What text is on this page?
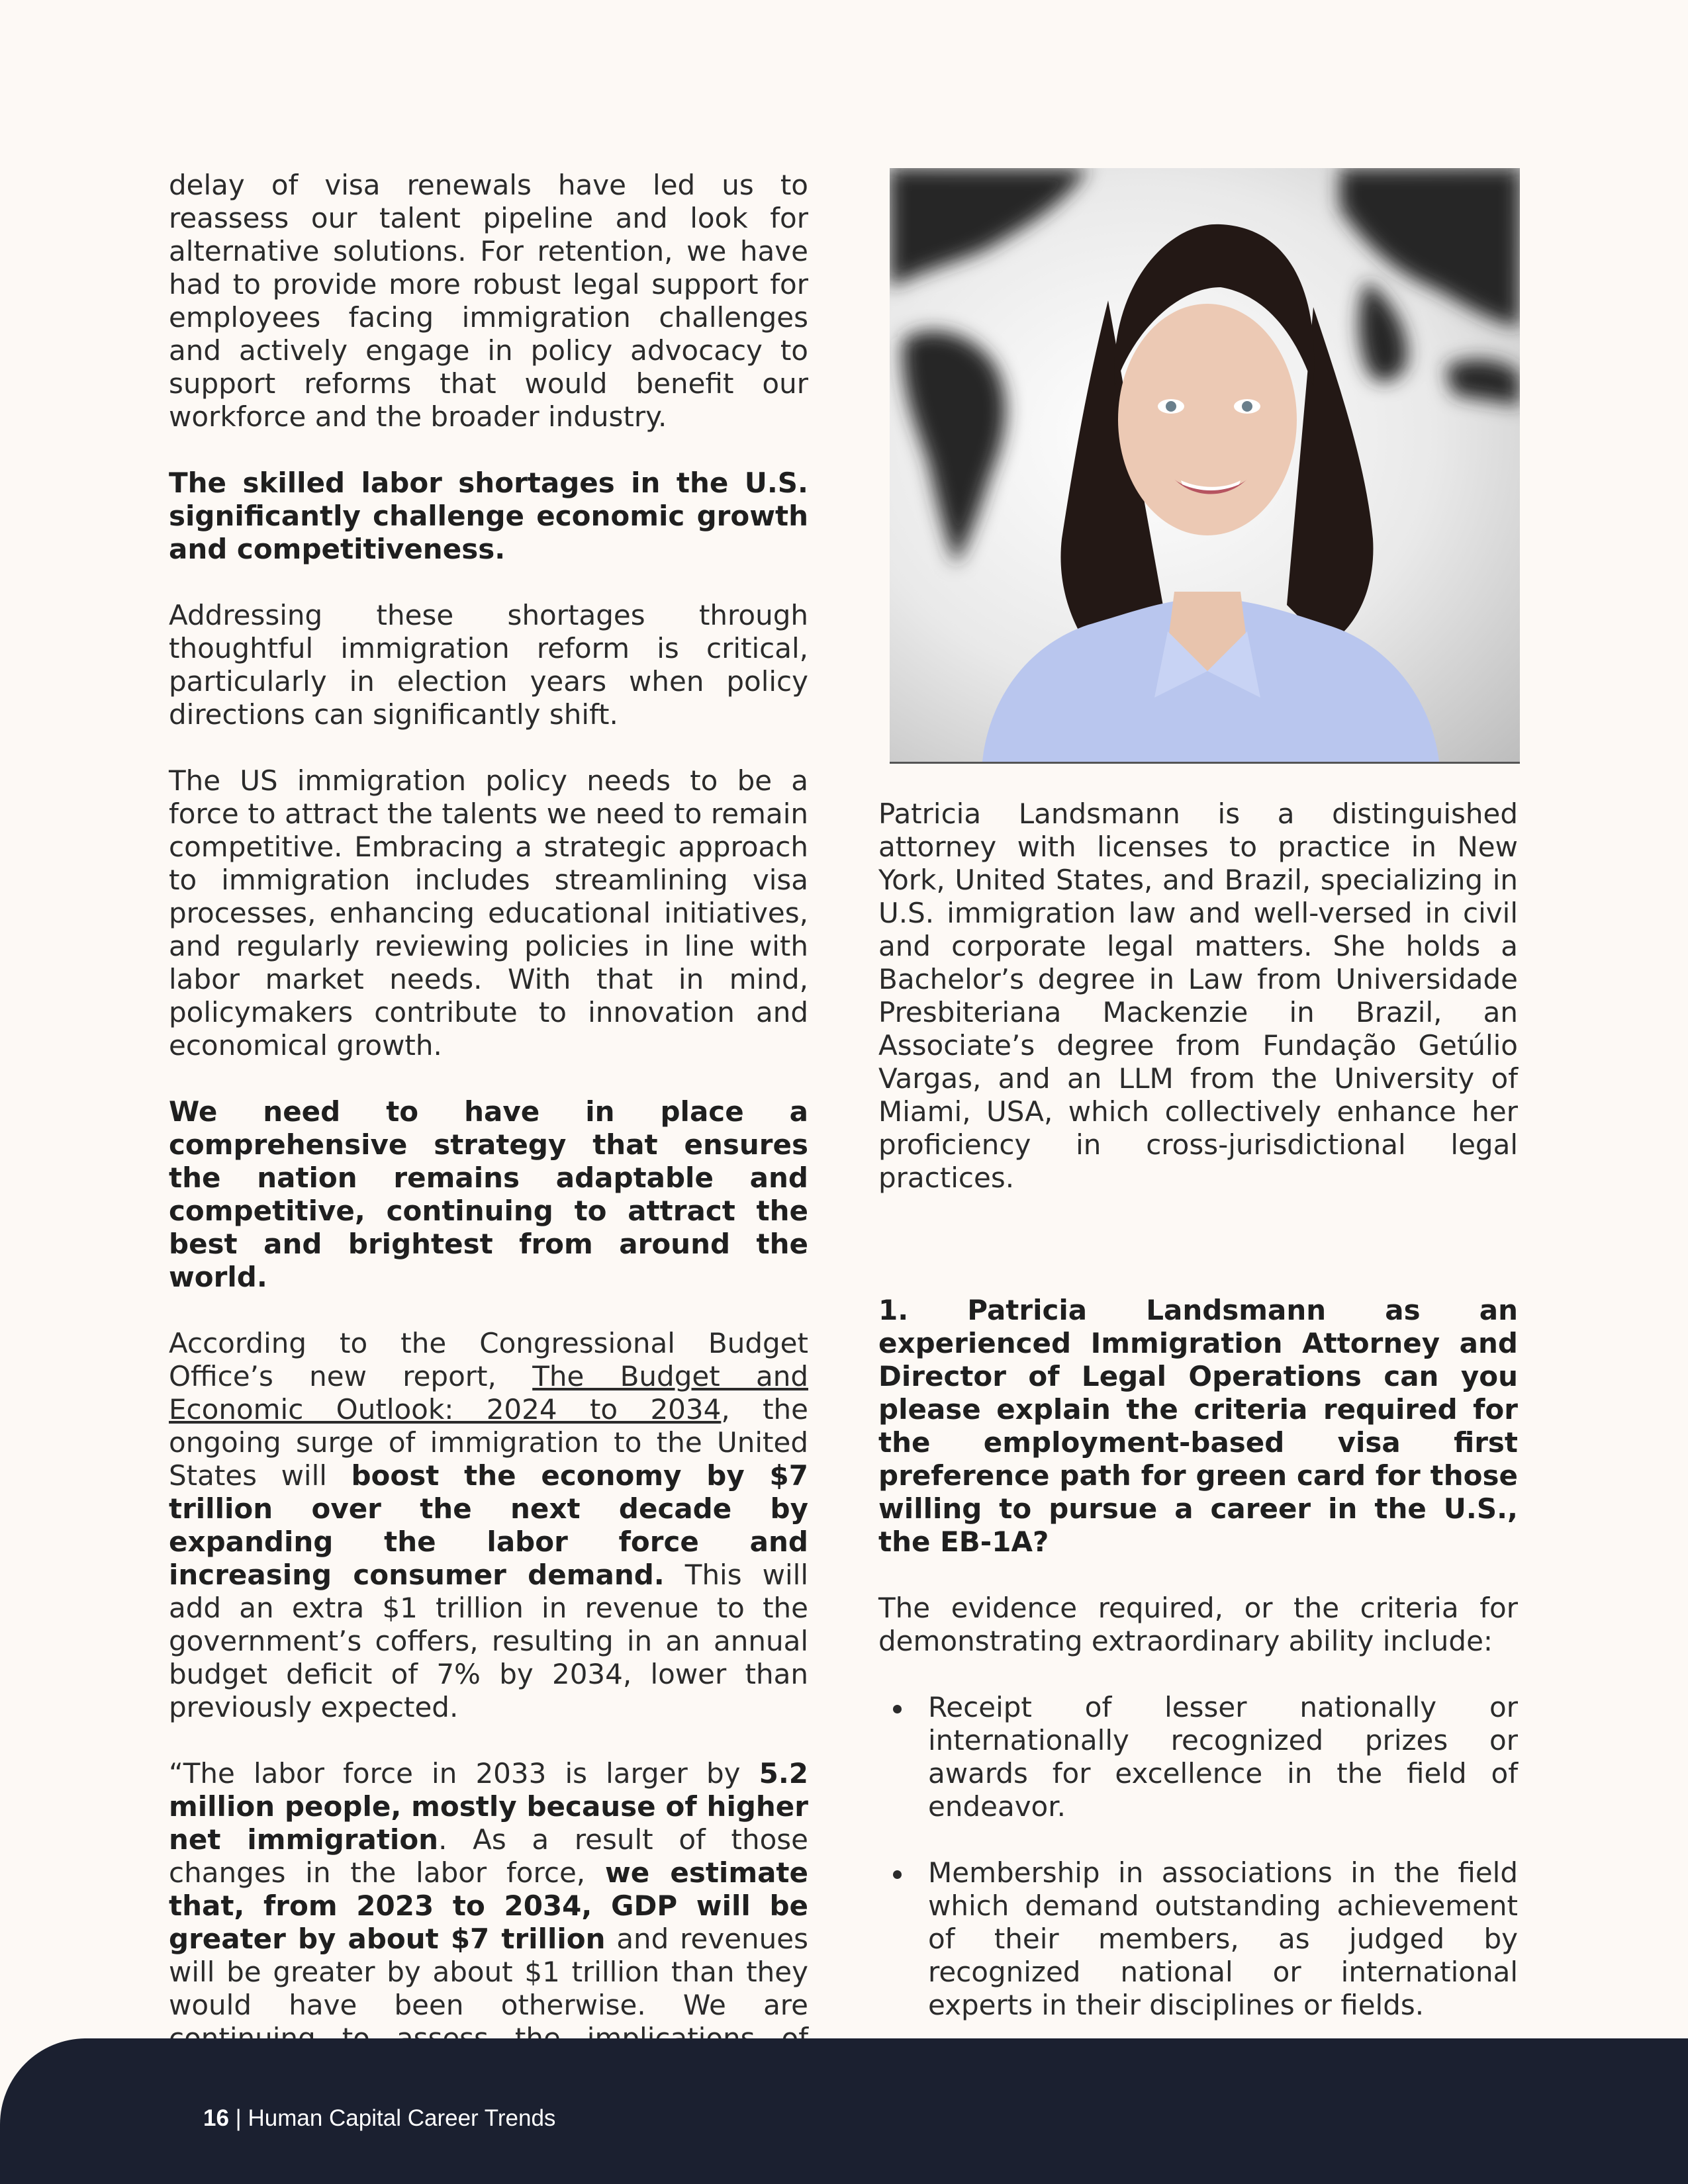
delay of visa renewals have led us to reassess our talent pipeline and look for alternative solutions. For retention, we have had to provide more robust legal support for employees facing immigration challenges and actively engage in policy advocacy to support reforms that would benefit our workforce and the broader industry.

The skilled labor shortages in the U.S. significantly challenge economic growth and competitiveness.

Addressing these shortages through thoughtful immigration reform is critical, particularly in election years when policy directions can significantly shift.

The US immigration policy needs to be a force to attract the talents we need to remain competitive. Embracing a strategic approach to immigration includes streamlining visa processes, enhancing educational initiatives, and regularly reviewing policies in line with labor market needs. With that in mind, policymakers contribute to innovation and economical growth.

We need to have in place a comprehensive strategy that ensures the nation remains adaptable and competitive, continuing to attract the best and brightest from around the world.

According to the Congressional Budget Office’s new report, The Budget and Economic Outlook: 2024 to 2034, the ongoing surge of immigration to the United States will boost the economy by $7 trillion over the next decade by expanding the labor force and increasing consumer demand. This will add an extra $1 trillion in revenue to the government’s coffers, resulting in an annual budget deficit of 7% by 2034, lower than previously expected.

“The labor force in 2033 is larger by 5.2 million people, mostly because of higher net immigration. As a result of those changes in the labor force, we estimate that, from 2023 to 2034, GDP will be greater by about $7 trillion and revenues will be greater by about $1 trillion than they would have been otherwise. We are

Patricia Landsmann is a distinguished attorney with licenses to practice in New York, United States, and Brazil, specializing in U.S. immigration law and well-versed in civil and corporate legal matters. She holds a Bachelor’s degree in Law from Universidade Presbiteriana Mackenzie in Brazil, an Associate’s degree from Fundação Getúlio Vargas, and an LLM from the University of Miami, USA, which collectively enhance her proficiency in cross-jurisdictional legal practices.

1. Patricia Landsmann as an experienced Immigration Attorney and Director of Legal Operations can you please explain the criteria required for the employment-based visa first preference path for green card for those willing to pursue a career in the U.S., the EB-1A?

The evidence required, or the criteria for demonstrating extraordinary ability include:

Receipt of lesser nationally or internationally recognized prizes or awards for excellence in the field of endeavor.
Membership in associations in the field which demand outstanding achievement of their members, as judged by recognized national or international experts in their disciplines or fields.
16 | Human Capital Career Trends
